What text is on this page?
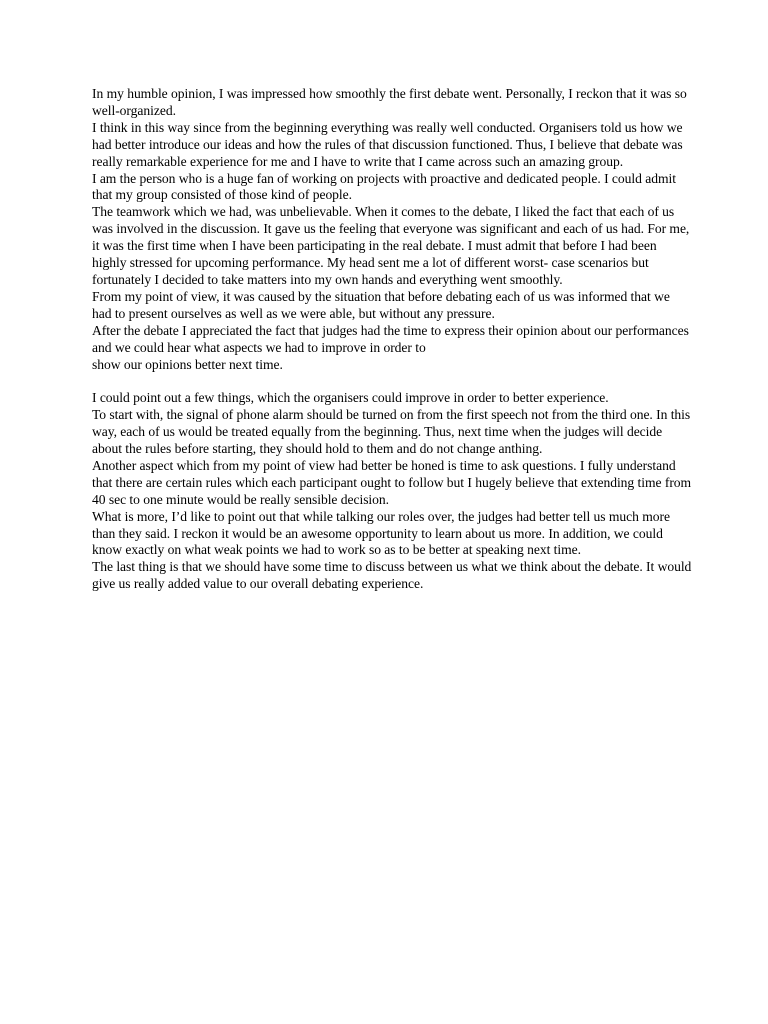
In my humble opinion, I was impressed how smoothly the first debate went. Personally, I reckon that it was so well-organized.

I think in this way since from the beginning everything was really well conducted. Organisers told us how we had better introduce our ideas and how the rules of that discussion functioned. Thus, I believe that debate was really remarkable experience for me and I have to write that I came across such an amazing group.

I am the person who is a huge fan of working on projects with proactive and dedicated people. I could admit that my group consisted of those kind of people.

The teamwork which we had, was unbelievable. When it comes to the debate, I liked the fact that each of us was involved in the discussion. It gave us the feeling that everyone was significant and each of us had. For me, it was the first time when I have been participating in the real debate. I must admit that before I had been highly stressed for upcoming performance. My head sent me a lot of different worst- case scenarios but fortunately I decided to take matters into my own hands and everything went smoothly.

From my point of view, it was caused by the situation that before debating each of us was informed that we had to present ourselves as well as we were able, but without any pressure.

After the debate I appreciated the fact that judges had the time to express their opinion about our performances and we could hear what aspects we had to improve in order to
show our opinions better next time.

I could point out a few things, which the organisers could improve in order to better experience.

To start with, the signal of phone alarm should be turned on from the first speech not from the third one. In this way, each of us would be treated equally from the beginning. Thus, next time when the judges will decide about the rules before starting, they should hold to them and do not change anthing.

Another aspect which from my point of view had better be honed is time to ask questions. I fully understand that there are certain rules which each participant ought to follow but I hugely believe that extending time from 40 sec to one minute would be really sensible decision.

What is more, I’d like to point out that while talking our roles over, the judges had better tell us much more than they said. I reckon it would be an awesome opportunity to learn about us more. In addition, we could know exactly on what weak points we had to work so as to be better at speaking next time.

The last thing is that we should have some time to discuss between us what we think about the debate. It would give us really added value to our overall debating experience.
